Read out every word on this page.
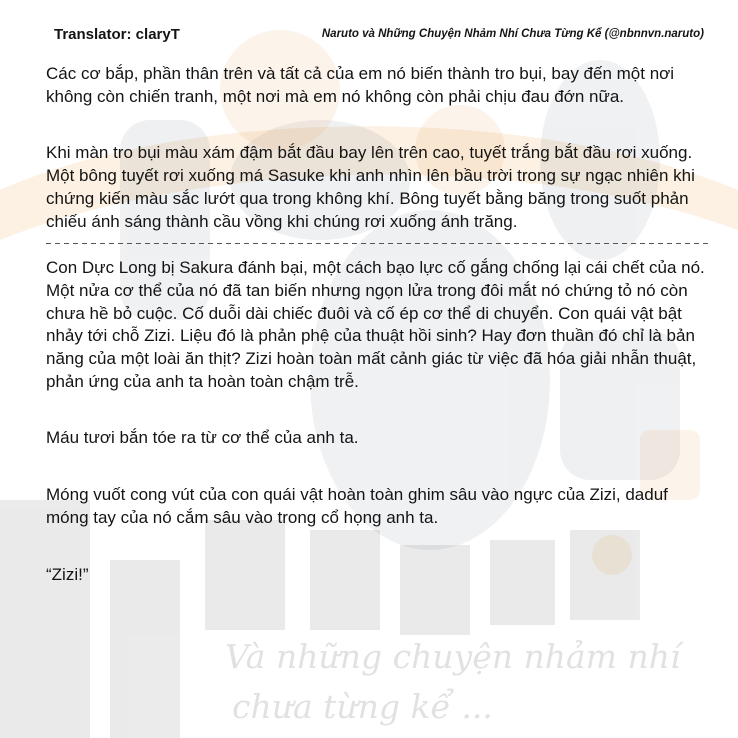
Và những chuyện nhảm nhí
chưa từng kể ...
Translator: claryT	Naruto và Những Chuyện Nhảm Nhí Chưa Từng Kể (@nbnnvn.naruto)

Các cơ bắp, phần thân trên và tất cả của em nó biến thành tro bụi, bay đến một nơi không còn chiến tranh, một nơi mà em nó không còn phải chịu đau đớn nữa.

Khi màn tro bụi màu xám đậm bắt đầu bay lên trên cao, tuyết trắng bắt đầu rơi xuống. Một bông tuyết rơi xuống má Sasuke khi anh nhìn lên bầu trời trong sự ngạc nhiên khi chứng kiến màu sắc lướt qua trong không khí. Bông tuyết bằng băng trong suốt phản chiếu ánh sáng thành cầu vồng khi chúng rơi xuống ánh trăng.

Con Dực Long bị Sakura đánh bại, một cách bạo lực cố gắng chống lại cái chết của nó. Một nửa cơ thể của nó đã tan biến nhưng ngọn lửa trong đôi mắt nó chứng tỏ nó còn chưa hề bỏ cuộc. Cố duỗi dài chiếc đuôi và cố ép cơ thể di chuyển. Con quái vật bật nhảy tới chỗ Zizi. Liệu đó là phản phệ của thuật hồi sinh? Hay đơn thuần đó chỉ là bản năng của một loài ăn thịt? Zizi hoàn toàn mất cảnh giác từ việc đã hóa giải nhẫn thuật, phản ứng của anh ta hoàn toàn chậm trễ.

Máu tươi bắn tóe ra từ cơ thể của anh ta.

Móng vuốt cong vút của con quái vật hoàn toàn ghim sâu vào ngực của Zizi, daduf móng tay của nó cắm sâu vào trong cổ họng anh ta.

“Zizi!”
